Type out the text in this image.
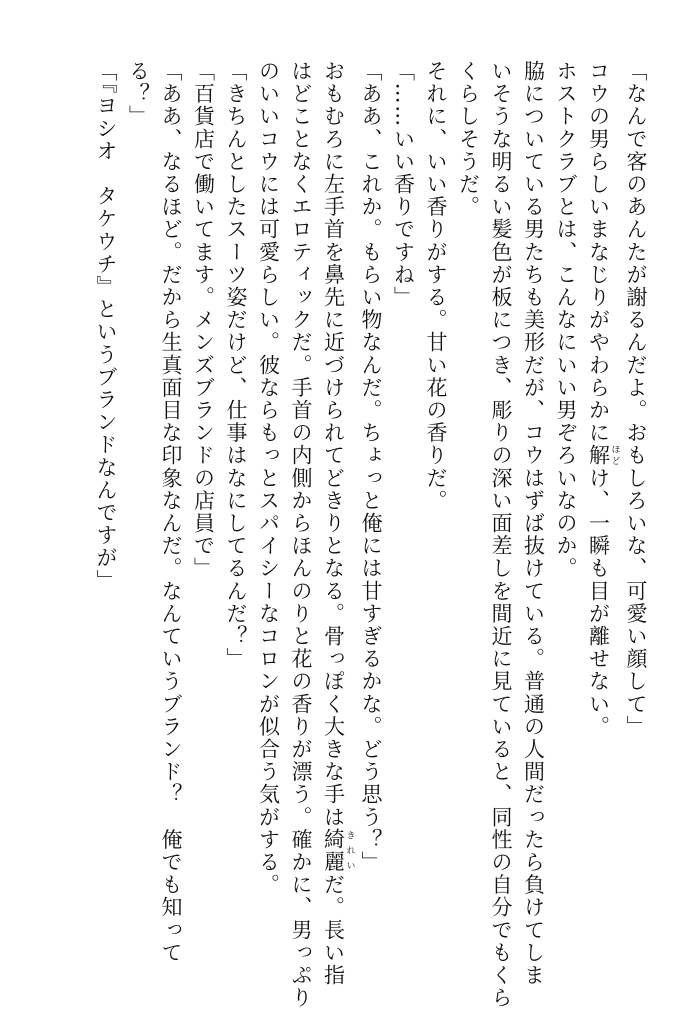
「なんで客のあんたが謝るんだよ。おもしろいな、可愛い顔して」
コウの男らしいまなじりがやわらかに解 ほどけ、一瞬も目が離せない。
ホストクラブとは、こんなにいい男ぞろいなのか。
脇についている男たちも美形だが、コウはずば抜けている。普通の人間だったら負けてしま
いそうな明るい髪色が板につき、彫りの深い面差しを間近に見ていると、同性の自分でもくら
くらしそうだ。
それに、いい香りがする。甘い花の香りだ。
「……いい香りですね」
「ああ、これか。もらい物なんだ。ちょっと俺には甘すぎるかな。どう思う？」
おもむろに左手首を鼻先に近づけられてどきりとなる。骨っぽく大きな手は綺麗 きれいだ。長い指
はどことなくエロティックだ。手首の内側からほんのりと花の香りが漂う。確かに、男っぷり
のいいコウには可愛らしい。彼ならもっとスパイシーなコロンが似合う気がする。
「きちんとしたスーツ姿だけど、仕事はなにしてるんだ？」
「百貨店で働いてます。メンズブランドの店員で」
「ああ、なるほど。だから生真面目な印象なんだ。なんていうブランド？　俺でも知って
る？」
「『ヨシオ　タケウチ』というブランドなんですが」
